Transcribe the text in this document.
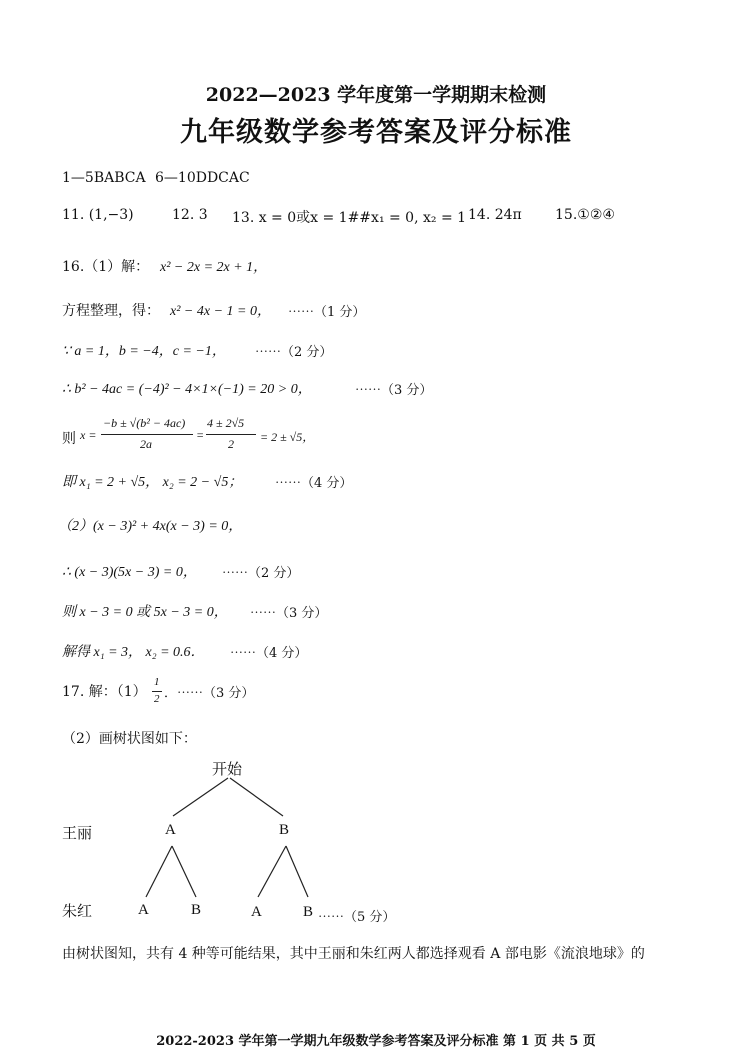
2022—2023 学年度第一学期期末检测
九年级数学参考答案及评分标准
1—5BABCA 6—10DDCAC
11. (1,−3)	12. 3 13. x = 0或x = 1##x₁ = 0, x₂ = 1 14. 24π 15.①②④
16.（1）解： x² − 2x = 2x + 1，
方程整理，得： x² − 4x − 1 = 0， ⋯⋯（1 分）
∵ a = 1，b = −4，c = −1， ⋯⋯（2 分）
∴ b² − 4ac = (−4)² − 4×1×(−1) = 20 > 0，	⋯⋯（3 分）
则 x =
−b ± √(b² − 4ac)
2a
=
4 ± 2√5
2 = 2 ± √5，
即 x₁ = 2 + √5， x₂ = 2 − √5；	⋯⋯（4 分）
（2）(x − 3)² + 4x(x − 3) = 0，
∴ (x − 3)(5x − 3) = 0， ⋯⋯（2 分）
则 x − 3 = 0 或 5x − 3 = 0， ⋯⋯（3 分）
解得 x₁ = 3， x₂ = 0.6． ⋯⋯（4 分）
17. 解：（1）
1
2 ．⋯⋯（3 分）
（2）画树状图如下：
开始
王丽	A	B
朱红	A	B	A	B ⋯⋯（5 分）
由树状图知，共有 4 种等可能结果，其中王丽和朱红两人都选择观看 A 部电影《流浪地球》的
2022-2023 学年第一学期九年级数学参考答案及评分标准 第 1 页 共 5 页
